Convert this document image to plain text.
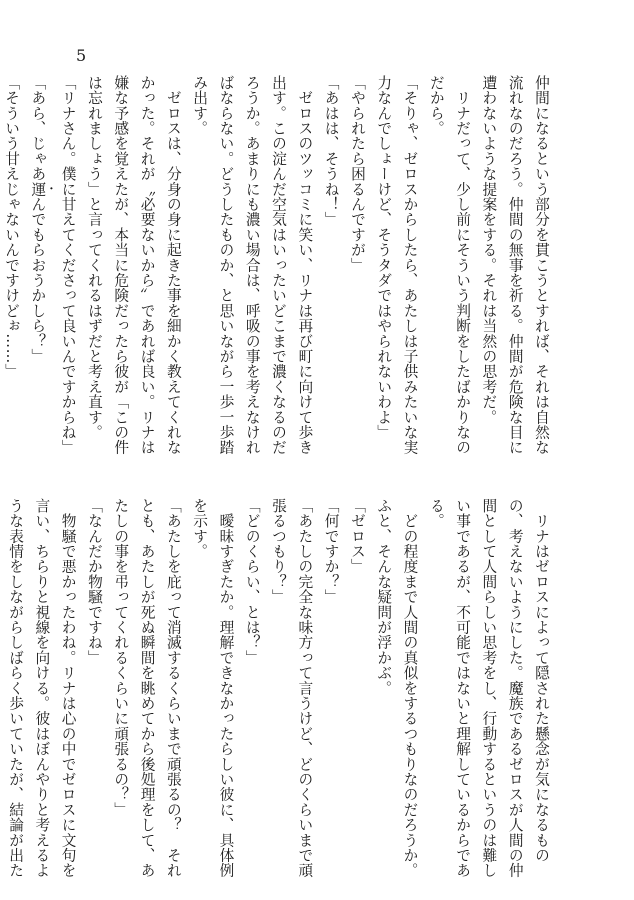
5
仲間になるという部分を貫こうとすれば、それは自然な
流れなのだろう。仲間の無事を祈る。仲間が危険な目に
遭わないような提案をする。それは当然の思考だ。
　リナだって、少し前にそういう判断をしたばかりなの
だから。
「そりゃ、ゼロスからしたら、あたしは子供みたいな実
力なんでしょーけど、そうタダではやられないわよ」
「やられたら困るんですが」
「あはは、そうね！」
　ゼロスのツッコミに笑い、リナは再び町に向けて歩き
出す。この淀んだ空気はいったいどこまで濃くなるのだ
ろうか。あまりにも濃い場合は、呼吸の事を考えなけれ
ばならない。どうしたものか、と思いながら一歩一歩踏
み出す。
　ゼロスは、分身の身に起きた事を細かく教えてくれな
かった。それが〝必要ないから〟であれば良い。リナは
嫌な予感を覚えたが、本当に危険だったら彼が「この件
は忘れましょう」と言ってくれるはずだと考え直す。
「リナさん。僕に甘えてくださって良いんですからね」
「あら、じゃあ運んでもらおうかしら？」
「そういう甘えじゃないんですけどぉ……」
　リナはゼロスによって隠された懸念が気になるもの
の、考えないようにした。魔族であるゼロスが人間の仲
間として人間らしい思考をし、行動するというのは難し
い事であるが、不可能ではないと理解しているからであ
る。
　どの程度まで人間の真似をするつもりなのだろうか。
ふと、そんな疑問が浮かぶ。
「ゼロス」
「何ですか？」
「あたしの完全な味方って言うけど、どのくらいまで頑
張るつもり？」
「どのくらい、とは？」
　曖昧すぎたか。理解できなかったらしい彼に、具体例
を示す。
「あたしを庇って消滅するくらいまで頑張るの？　それ
とも、あたしが死ぬ瞬間を眺めてから後処理をして、あ
たしの事を弔ってくれるくらいに頑張るの？」
「なんだか物騒ですね」
　物騒で悪かったわね。リナは心の中でゼロスに文句を
言い、ちらりと視線を向ける。彼はぼんやりと考えるよ
うな表情をしながらしばらく歩いていたが、結論が出た
